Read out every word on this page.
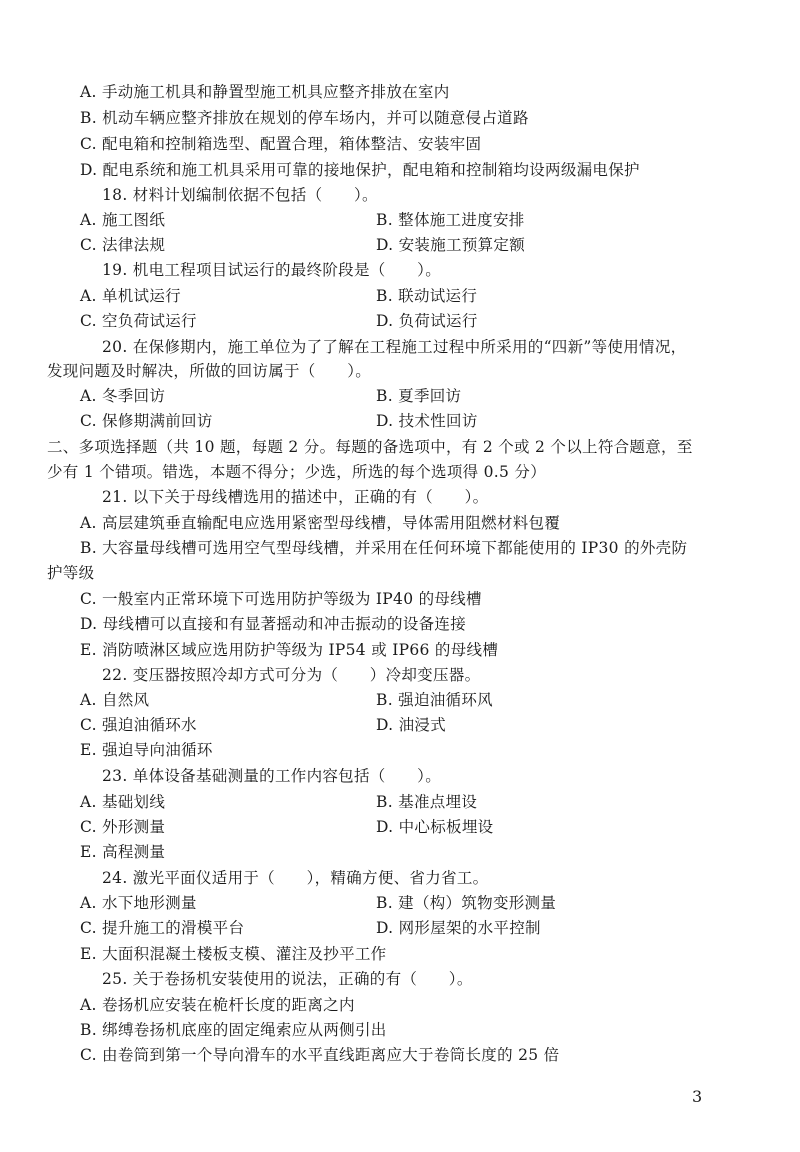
A. 手动施工机具和静置型施工机具应整齐排放在室内
B. 机动车辆应整齐排放在规划的停车场内，并可以随意侵占道路
C. 配电箱和控制箱选型、配置合理，箱体整洁、安装牢固
D. 配电系统和施工机具采用可靠的接地保护，配电箱和控制箱均设两级漏电保护
18. 材料计划编制依据不包括（　　）。
A. 施工图纸	B. 整体施工进度安排
C. 法律法规	D. 安装施工预算定额
19. 机电工程项目试运行的最终阶段是（　　）。
A. 单机试运行	B. 联动试运行
C. 空负荷试运行	D. 负荷试运行
20. 在保修期内，施工单位为了了解在工程施工过程中所采用的“四新”等使用情况，
发现问题及时解决，所做的回访属于（　　）。
A. 冬季回访	B. 夏季回访
C. 保修期满前回访	D. 技术性回访
二、多项选择题（共 10 题，每题 2 分。每题的备选项中，有 2 个或 2 个以上符合题意，至
少有 1 个错项。错选，本题不得分；少选，所选的每个选项得 0.5 分）
21. 以下关于母线槽选用的描述中，正确的有（　　）。
A. 高层建筑垂直输配电应选用紧密型母线槽，导体需用阻燃材料包覆
B. 大容量母线槽可选用空气型母线槽，并采用在任何环境下都能使用的 IP30 的外壳防
护等级
C. 一般室内正常环境下可选用防护等级为 IP40 的母线槽
D. 母线槽可以直接和有显著摇动和冲击振动的设备连接
E. 消防喷淋区域应选用防护等级为 IP54 或 IP66 的母线槽
22. 变压器按照冷却方式可分为（　　）冷却变压器。
A. 自然风	B. 强迫油循环风
C. 强迫油循环水	D. 油浸式
E. 强迫导向油循环
23. 单体设备基础测量的工作内容包括（　　）。
A. 基础划线	B. 基准点埋设
C. 外形测量	D. 中心标板埋设
E. 高程测量
24. 激光平面仪适用于（　　），精确方便、省力省工。
A. 水下地形测量	B. 建（构）筑物变形测量
C. 提升施工的滑模平台	D. 网形屋架的水平控制
E. 大面积混凝土楼板支模、灌注及抄平工作
25. 关于卷扬机安装使用的说法，正确的有（　　）。
A. 卷扬机应安装在桅杆长度的距离之内
B. 绑缚卷扬机底座的固定绳索应从两侧引出
C. 由卷筒到第一个导向滑车的水平直线距离应大于卷筒长度的 25 倍
3
